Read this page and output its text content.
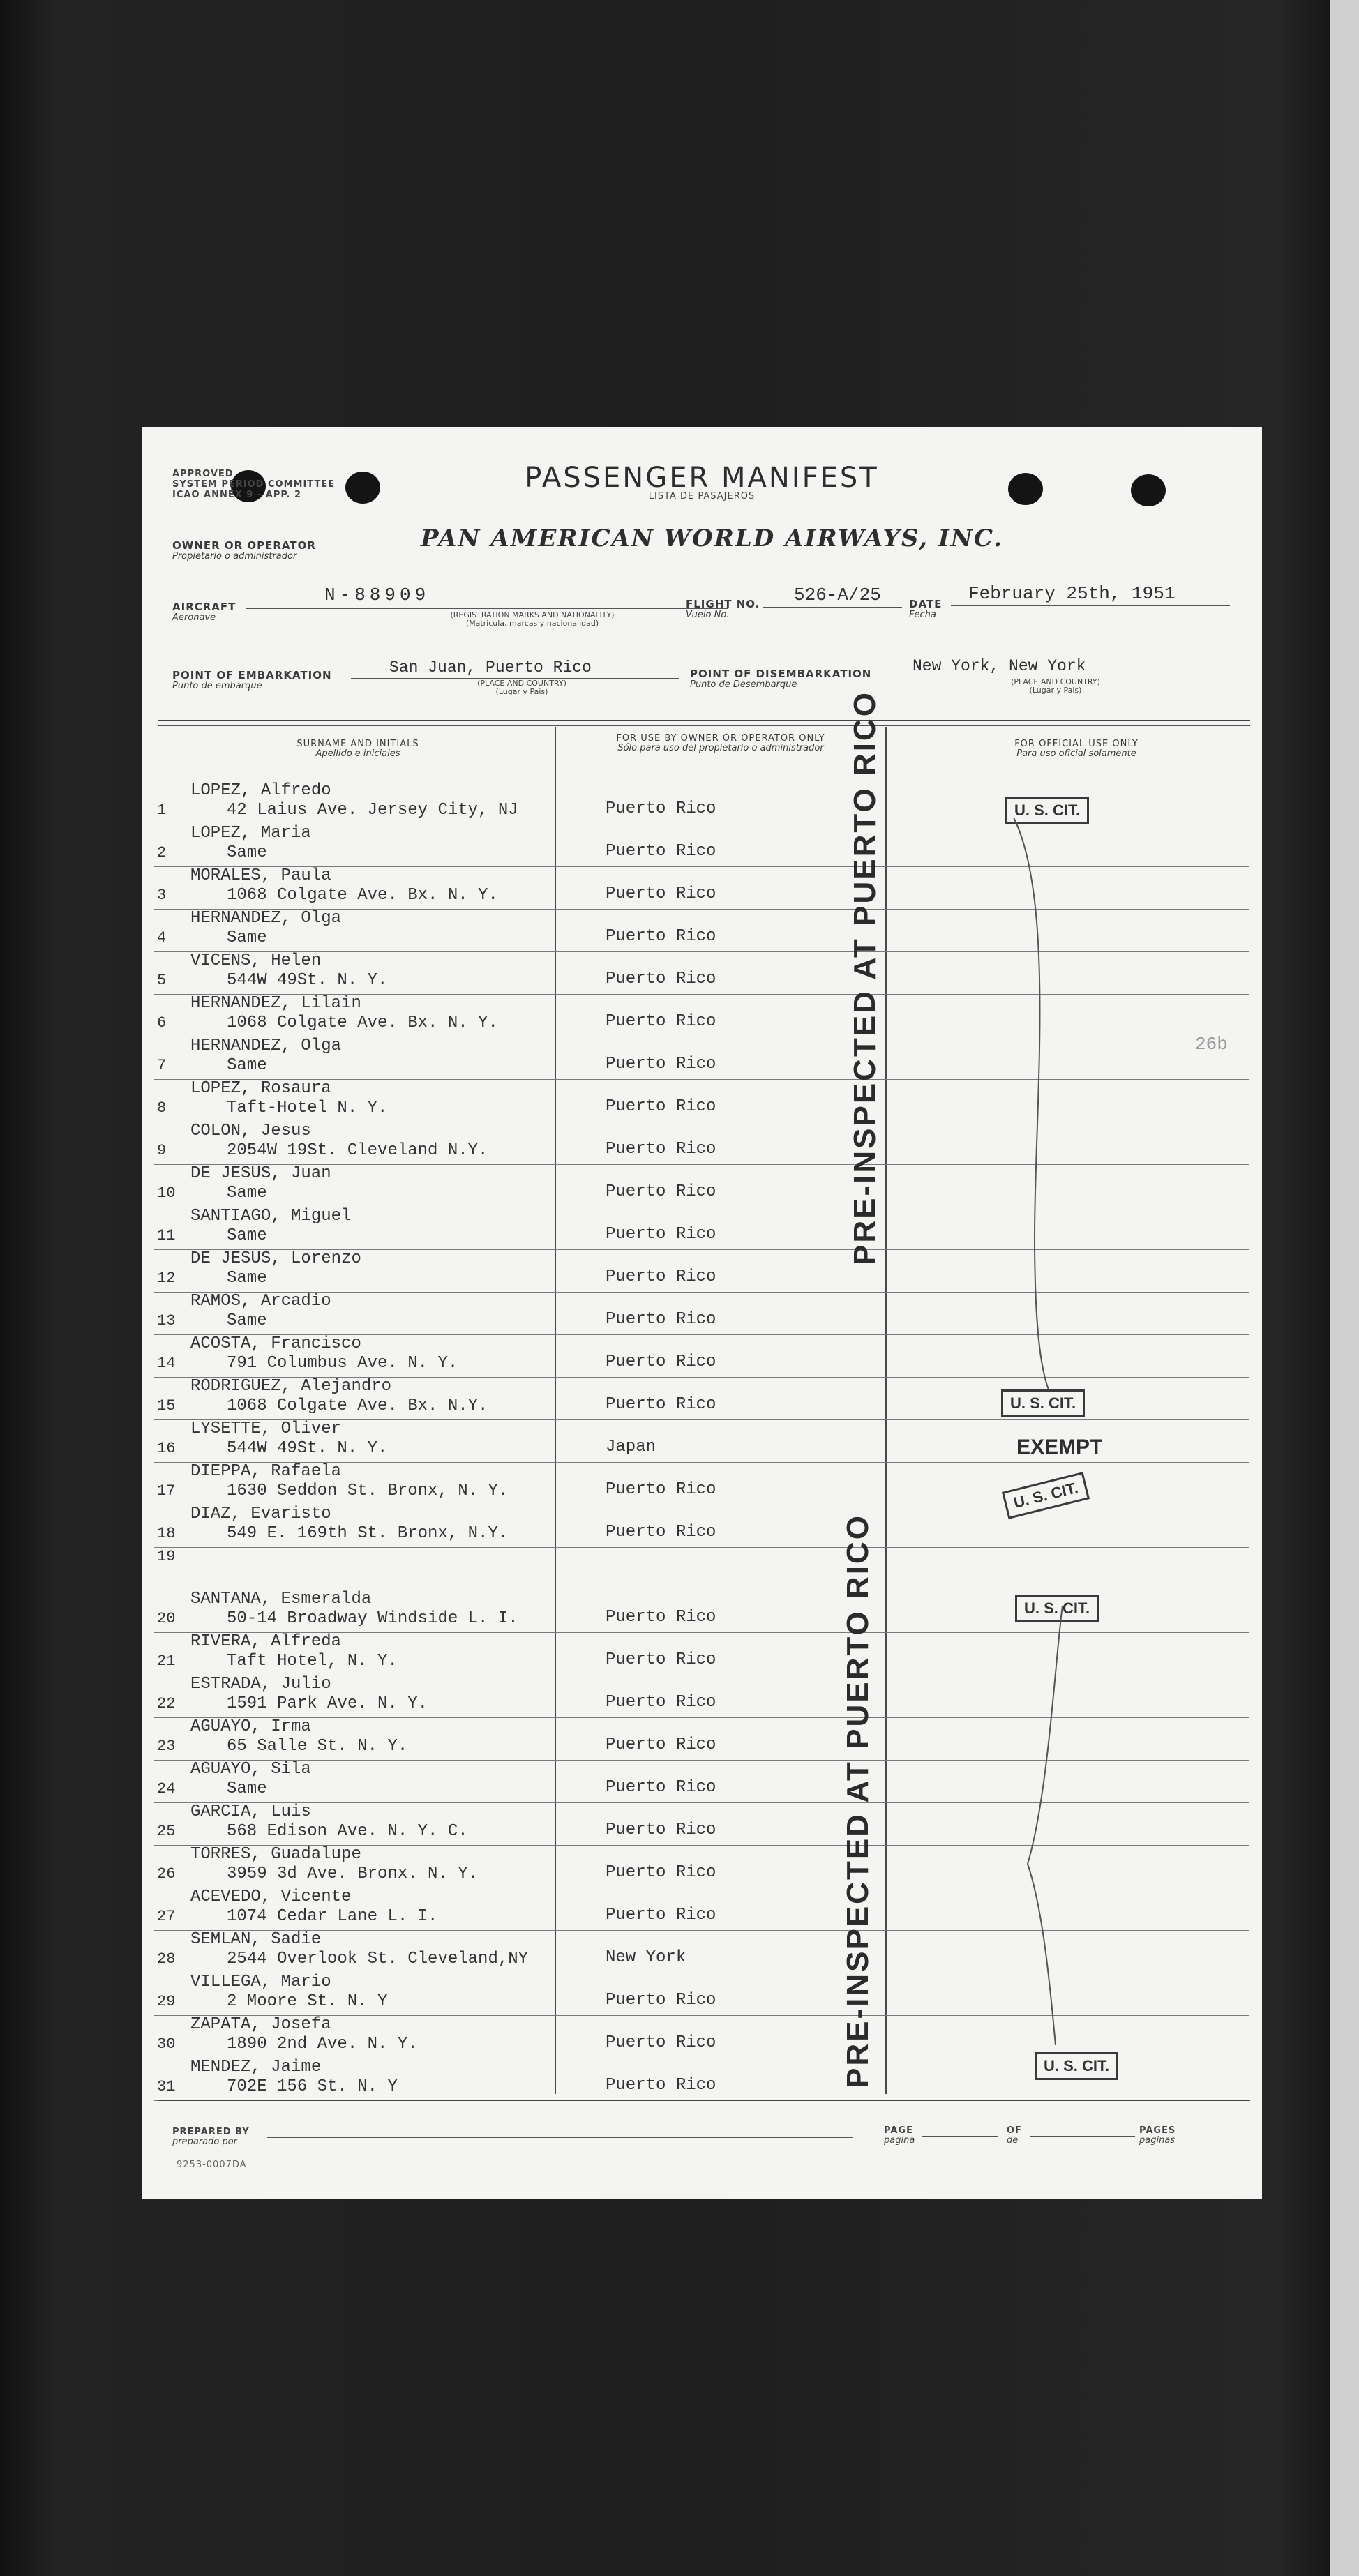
APPROVED
SYSTEM PERIOD COMMITTEE
ICAO ANNEX 9 - APP. 2
PASSENGER MANIFEST
LISTA DE PASAJEROS
OWNER OR OPERATOR
Propietario o administrador
PAN AMERICAN WORLD AIRWAYS, INC.
AIRCRAFT
Aeronave
N-88909
(REGISTRATION MARKS AND NATIONALITY)
(Matricula, marcas y nacionalidad)
FLIGHT NO.
Vuelo No.
526-A/25	DATE
Fecha
February 25th, 1951
POINT OF EMBARKATION
Punto de embarque
San Juan, Puerto Rico
(PLACE AND COUNTRY)
(Lugar y Pais)
POINT OF DISEMBARKATION
Punto de Desembarque
New York, New York
(PLACE AND COUNTRY)
(Lugar y Pais)
SURNAME AND INITIALS
Apellido e iniciales
FOR USE BY OWNER OR OPERATOR ONLY
Sólo para uso del propietario o administrador	FOR OFFICIAL USE ONLY
Para uso oficial solamente
LOPEZ, Alfredo
1	42 Laius Ave. Jersey City, NJ	Puerto Rico
LOPEZ, Maria
2	Same	Puerto Rico
MORALES, Paula
3	1068 Colgate Ave. Bx. N. Y.	Puerto Rico
HERNANDEZ, Olga
4	Same	Puerto Rico
VICENS, Helen
5	544W 49St. N. Y.	Puerto Rico
HERNANDEZ, Lilain
6	1068 Colgate Ave. Bx. N. Y.	Puerto Rico
HERNANDEZ, Olga
7	Same	Puerto Rico
LOPEZ, Rosaura
8	Taft-Hotel N. Y.	Puerto Rico
COLON, Jesus
9	2054W 19St. Cleveland N.Y.	Puerto Rico
DE JESUS, Juan
10	Same	Puerto Rico
SANTIAGO, Miguel
11	Same	Puerto Rico
DE JESUS, Lorenzo
12	Same	Puerto Rico
RAMOS, Arcadio
13	Same	Puerto Rico
ACOSTA, Francisco
14	791 Columbus Ave. N. Y.	Puerto Rico
RODRIGUEZ, Alejandro
15	1068 Colgate Ave. Bx. N.Y.	Puerto Rico
LYSETTE, Oliver
16	544W 49St. N. Y.	Japan
DIEPPA, Rafaela
17	1630 Seddon St. Bronx, N. Y.	Puerto Rico
DIAZ, Evaristo
18	549 E. 169th St. Bronx, N.Y.	Puerto Rico
19
SANTANA, Esmeralda
20	50-14 Broadway Windside L. I.	Puerto Rico
RIVERA, Alfreda
21	Taft Hotel, N. Y.	Puerto Rico
ESTRADA, Julio
22	1591 Park Ave. N. Y.	Puerto Rico
AGUAYO, Irma
23	65 Salle St. N. Y.	Puerto Rico
AGUAYO, Sila
24	Same	Puerto Rico
GARCIA, Luis
25	568 Edison Ave. N. Y. C.	Puerto Rico
TORRES, Guadalupe
26	3959 3d Ave. Bronx. N. Y.	Puerto Rico
ACEVEDO, Vicente
27	1074 Cedar Lane L. I.	Puerto Rico
SEMLAN, Sadie
28	2544 Overlook St. Cleveland,NY	New York
VILLEGA, Mario
29	2 Moore St. N. Y	Puerto Rico
ZAPATA, Josefa
30	1890 2nd Ave. N. Y.	Puerto Rico
MENDEZ, Jaime
31	702E 156 St. N. Y	Puerto Rico
PRE-INSPECTED AT PUERTO RICO
PRE-INSPECTED AT PUERTO RICO
U. S. CIT.
U. S. CIT.
EXEMPT
U. S. CIT.
U. S. CIT.
U. S. CIT.
26b
PREPARED BY
preparado por
PAGE
pagina
OF
de
PAGES
paginas
9253-0007DA
